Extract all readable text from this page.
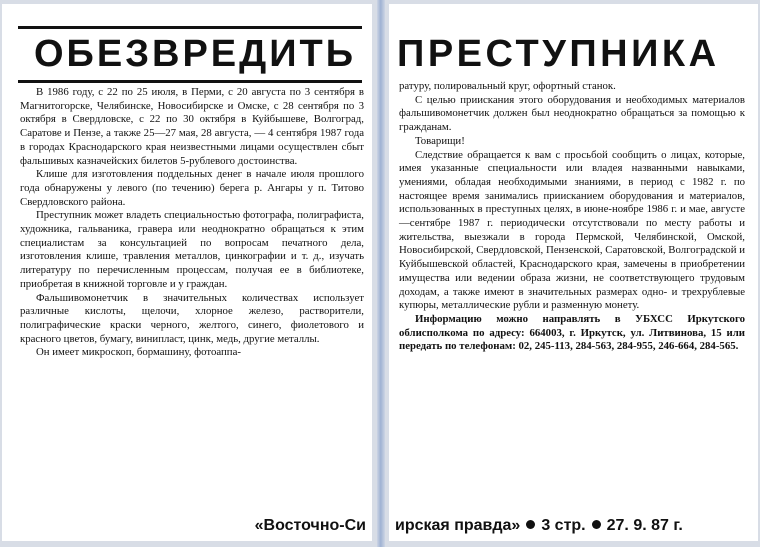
ОБЕЗВРЕДИТЬ

В 1986 году, с 22 по 25 июля, в Перми, с 20 августа по 3 сентября в Магнитогорске, Челябинске, Новосибирске и Омске, с 28 сентября по 3 октября в Свердловске, с 22 по 30 октября в Куйбышеве, Волгоград, Саратове и Пензе, а также 25—27 мая, 28 августа, — 4 сентября 1987 года в городах Краснодарского края неизвестными лицами осуществлен сбыт фальшивых казначейских билетов 5-рублевого достоинства.

Клише для изготовления поддельных денег в начале июля прошлого года обнаружены у левого (по течению) берега р. Ангары у п. Титово Свердловского района.

Преступник может владеть специальностью фотографа, полиграфиста, художника, гальваника, гравера или неоднократно обращаться к этим специалистам за консультацией по вопросам печатного дела, изготовления клише, травления металлов, цинкографии и т. д., изучать литературу по перечисленным процессам, получая ее в библиотеке, приобретая в книжной торговле и у граждан.

Фальшивомонетчик в значительных количествах использует различные кислоты, щелочи, хлорное железо, растворители, полиграфические краски черного, желтого, синего, фиолетового и красного цветов, бумагу, винипласт, цинк, медь, другие металлы.

Он имеет микроскоп, бормашину, фотоаппа-

«Восточно-Си

ПРЕСТУПНИКА

ратуру, полировальный круг, офортный станок.

С целью приискания этого оборудования и необходимых материалов фальшивомонетчик должен был неоднократно обращаться за помощью к гражданам.

Товарищи!

Следствие обращается к вам с просьбой сообщить о лицах, которые, имея указанные специальности или владея названными навыками, умениями, обладая необходимыми знаниями, в период с 1982 г. по настоящее время занимались приисканием оборудования и материалов, использованных в преступных целях, в июне-ноябре 1986 г. и мае, августе—сентябре 1987 г. периодически отсутствовали по месту работы и жительства, выезжали в города Пермской, Челябинской, Омской, Новосибирской, Свердловской, Пензенской, Саратовской, Волгоградской и Куйбышевской областей, Краснодарского края, замечены в приобретении имущества или ведении образа жизни, не соответствующего трудовым доходам, а также имеют в значительных размерах одно- и трехрублевые купюры, металлические рубли и разменную монету.

Информацию можно направлять в УБХСС Иркутского облисполкома по адресу: 664003, г. Иркутск, ул. Литвинова, 15 или передать по телефонам: 02, 245-113, 284-563, 284-955, 246-664, 284-565.

ирская правда» 3 стр. 27. 9. 87 г.
